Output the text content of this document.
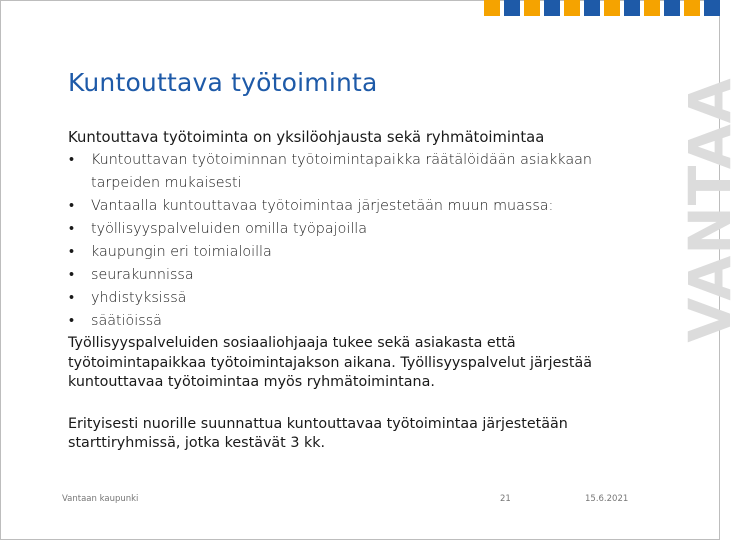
VANTAA
Kuntouttava työtoiminta

Kuntouttava työtoiminta on yksilöohjausta sekä ryhmätoimintaa

• Kuntouttavan työtoiminnan työtoimintapaikka räätälöidään asiakkaan tarpeiden mukaisesti
• Vantaalla kuntouttavaa työtoimintaa järjestetään muun muassa:
• työllisyyspalveluiden omilla työpajoilla
• kaupungin eri toimialoilla
• seurakunnissa
• yhdistyksissä
• säätiöissä

Työllisyyspalveluiden sosiaaliohjaaja tukee sekä asiakasta että työtoimintapaikkaa työtoimintajakson aikana. Työllisyyspalvelut järjestää kuntouttavaa työtoimintaa myös ryhmätoimintana.

Erityisesti nuorille suunnattua kuntouttavaa työtoimintaa järjestetään starttiryhmissä, jotka kestävät 3 kk.

Vantaan kaupunki	21	15.6.2021
